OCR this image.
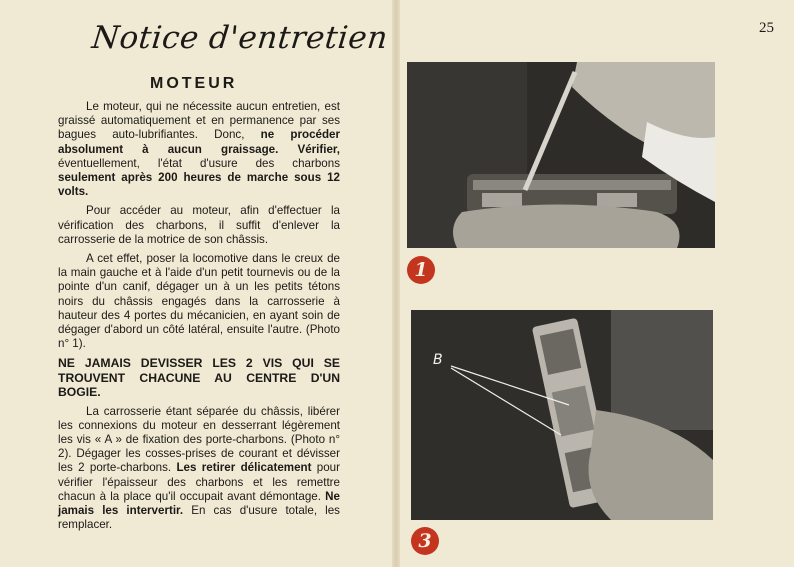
25
Notice d'entretien
MOTEUR

Le moteur, qui ne nécessite aucun entretien, est graissé automatiquement et en permanence par ses bagues auto-lubrifiantes. Donc, ne procéder absolument à aucun graissage. Vérifier, éventuellement, l'état d'usure des charbons seulement après 200 heures de marche sous 12 volts.

Pour accéder au moteur, afin d'effectuer la vérification des charbons, il suffit d'enlever la carrosserie de la motrice de son châssis.

A cet effet, poser la locomotive dans le creux de la main gauche et à l'aide d'un petit tournevis ou de la pointe d'un canif, dégager un à un les petits tétons noirs du châssis engagés dans la carrosserie à hauteur des 4 portes du mécanicien, en ayant soin de dégager d'abord un côté latéral, ensuite l'autre. (Photo n° 1).

NE JAMAIS DEVISSER LES 2 VIS QUI SE TROUVENT CHACUNE AU CENTRE D'UN BOGIE.

La carrosserie étant séparée du châssis, libérer les connexions du moteur en desserrant légèrement les vis « A » de fixation des porte-charbons. (Photo n° 2). Dégager les cosses-prises de courant et dévisser les 2 porte-charbons. Les retirer délicatement pour vérifier l'épaisseur des charbons et les remettre chacun à la place qu'il occupait avant démontage. Ne jamais les intervertir. En cas d'usure totale, les remplacer.

1
B
3
